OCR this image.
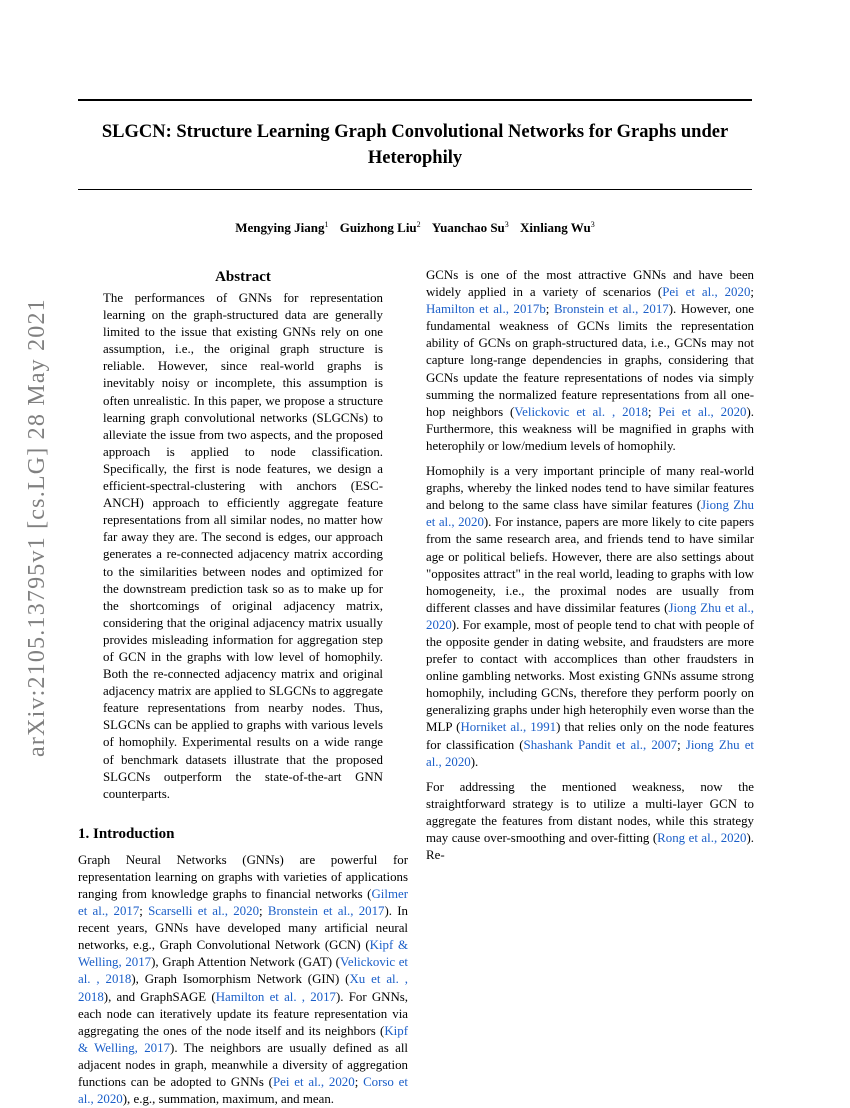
SLGCN: Structure Learning Graph Convolutional Networks for Graphs under Heterophily
Mengying Jiang$^1$ Guizhong Liu$^2$ Yuanchao Su$^3$ Xinliang Wu$^3$
arXiv:2105.13795v1 [cs.LG] 28 May 2021
Abstract

The performances of GNNs for representation learning on the graph-structured data are generally limited to the issue that existing GNNs rely on one assumption, i.e., the original graph structure is reliable. However, since real-world graphs is inevitably noisy or incomplete, this assumption is often unrealistic. In this paper, we propose a structure learning graph convolutional networks (SLGCNs) to alleviate the issue from two aspects, and the proposed approach is applied to node classification. Specifically, the first is node features, we design a efficient-spectral-clustering with anchors (ESC-ANCH) approach to efficiently aggregate feature representations from all similar nodes, no matter how far away they are. The second is edges, our approach generates a re-connected adjacency matrix according to the similarities between nodes and optimized for the downstream prediction task so as to make up for the shortcomings of original adjacency matrix, considering that the original adjacency matrix usually provides misleading information for aggregation step of GCN in the graphs with low level of homophily. Both the re-connected adjacency matrix and original adjacency matrix are applied to SLGCNs to aggregate feature representations from nearby nodes. Thus, SLGCNs can be applied to graphs with various levels of homophily. Experimental results on a wide range of benchmark datasets illustrate that the proposed SLGCNs outperform the state-of-the-art GNN counterparts.

1. Introduction

Graph Neural Networks (GNNs) are powerful for representation learning on graphs with varieties of applications ranging from knowledge graphs to financial networks (Gilmer et al., 2017; Scarselli et al., 2020; Bronstein et al., 2017). In recent years, GNNs have developed many artificial neural networks, e.g., Graph Convolutional Network (GCN) (Kipf & Welling, 2017), Graph Attention Network (GAT) (Velickovic et al. , 2018), Graph Isomorphism Network (GIN) (Xu et al. , 2018), and GraphSAGE (Hamilton et al. , 2017). For GNNs, each node can iteratively update its feature representation via aggregating the ones of the node itself and its neighbors (Kipf & Welling, 2017). The neighbors are usually defined as all adjacent nodes in graph, meanwhile a diversity of aggregation functions can be adopted to GNNs (Pei et al., 2020; Corso et al., 2020), e.g., summation, maximum, and mean.

GCNs is one of the most attractive GNNs and have been widely applied in a variety of scenarios (Pei et al., 2020; Hamilton et al., 2017b; Bronstein et al., 2017). However, one fundamental weakness of GCNs limits the representation ability of GCNs on graph-structured data, i.e., GCNs may not capture long-range dependencies in graphs, considering that GCNs update the feature representations of nodes via simply summing the normalized feature representations from all one-hop neighbors (Velickovic et al. , 2018; Pei et al., 2020). Furthermore, this weakness will be magnified in graphs with heterophily or low/medium levels of homophily.

Homophily is a very important principle of many real-world graphs, whereby the linked nodes tend to have similar features and belong to the same class have similar features (Jiong Zhu et al., 2020). For instance, papers are more likely to cite papers from the same research area, and friends tend to have similar age or political beliefs. However, there are also settings about "opposites attract" in the real world, leading to graphs with low homogeneity, i.e., the proximal nodes are usually from different classes and have dissimilar features (Jiong Zhu et al., 2020). For example, most of people tend to chat with people of the opposite gender in dating website, and fraudsters are more prefer to contact with accomplices than other fraudsters in online gambling networks. Most existing GNNs assume strong homophily, including GCNs, therefore they perform poorly on generalizing graphs under high heterophily even worse than the MLP (Horniket al., 1991) that relies only on the node features for classification (Shashank Pandit et al., 2007; Jiong Zhu et al., 2020).

For addressing the mentioned weakness, now the straightforward strategy is to utilize a multi-layer GCN to aggregate the features from distant nodes, while this strategy may cause over-smoothing and over-fitting (Rong et al., 2020). Re-
